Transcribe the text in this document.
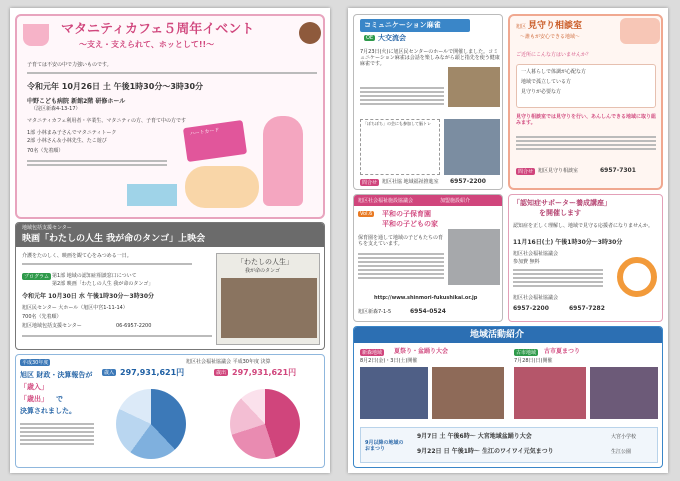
マタニティカフェ５周年イベント
〜支え・支えられて、ホッとして!!〜
子育ては不安の中で力強いものです。
令和元年 10月26日 土 午後1時30分〜3時30分
中野こども病院 新館2階 研修ホール
（淀区新森4-13-17）
マタニティカフェ利用者・卒業生、マタニティの方、子育て中の方です
1部 小林まみ子さんでマタニティトーク
2部 小林さん＆小林先生、たこ遊び
70名（先着順）
ハートカード
地域包括支援センター
映画「わたしの人生 我が命のタンゴ」上映会
介護をたのしく、映画を観て心をみつめる一日。
プログラム 第1部 地域の認知症相談窓口について
第2部 映画「わたしの人生 我が命のタンゴ」
令和元年 10月30日 水 午後1時30分〜3時30分
旭区民センター 大ホール（旭区中宮1-11-14）
700名（先着順）
旭区地域包括支援センター	06-6957-2200
「わたしの人生」
我が命のタンゴ
平成30年度
旭区 財政・決算報告が
「歳入」
「歳出」 で
決算されました。
旭区社会福祉協議会 平成30年度 決算
歳入 297,931,621円	歳出 297,931,621円
コミュニケーション麻雀
OE 大交流会
7月23日(火)に旭区民センターのホールで開催しました。コミュニケーション麻雀は会話を楽しみながら頭と指先を使う健康麻雀です。
「ぼちぼち」の会にも参加して脳トレ
問合せ 旭区社協 地域福祉推進室 6957-2200
旭区 見守り相談室
〜誰もが安心できる地域〜
ご近所にこんな方はいませんか？
一人暮らしで体調が心配な方
地域で孤立している方
見守りが必要な方
見守り相談室では見守りを行い、あんしんできる地域に取り組みます。
問合せ 旭区見守り相談室	6957-7301
旭区社会福祉施設協議会	加盟施設紹介
Vol.6 平和の子保育園
平和の子どもの家
保育園を通して地域の子どもたちの育ちを支えています。
http://www.shinmori-fukushikai.or.jp
旭区新森7-1-5	6954-0524
「認知症サポーター養成講座」
を開催します
認知症を正しく理解し、地域で見守る応援者になりませんか。
11月16日(土) 午後1時30分〜3時30分
旭区社会福祉協議会
参加費 無料
旭区社会福祉協議会
6957-2200	6957-7282
地域活動紹介
新森地域	夏祭り・盆踊り大会
8月2日(金)・3日(土)開催
古市地域	古市夏まつり
7月28日(日)開催
9月以降の地域のおまつり
9月7日 土 午後6時〜 大宮地域盆踊り大会	大宮小学校
9月22日 日 午後1時〜 生江のワイワイ元気まつり	生江公園
